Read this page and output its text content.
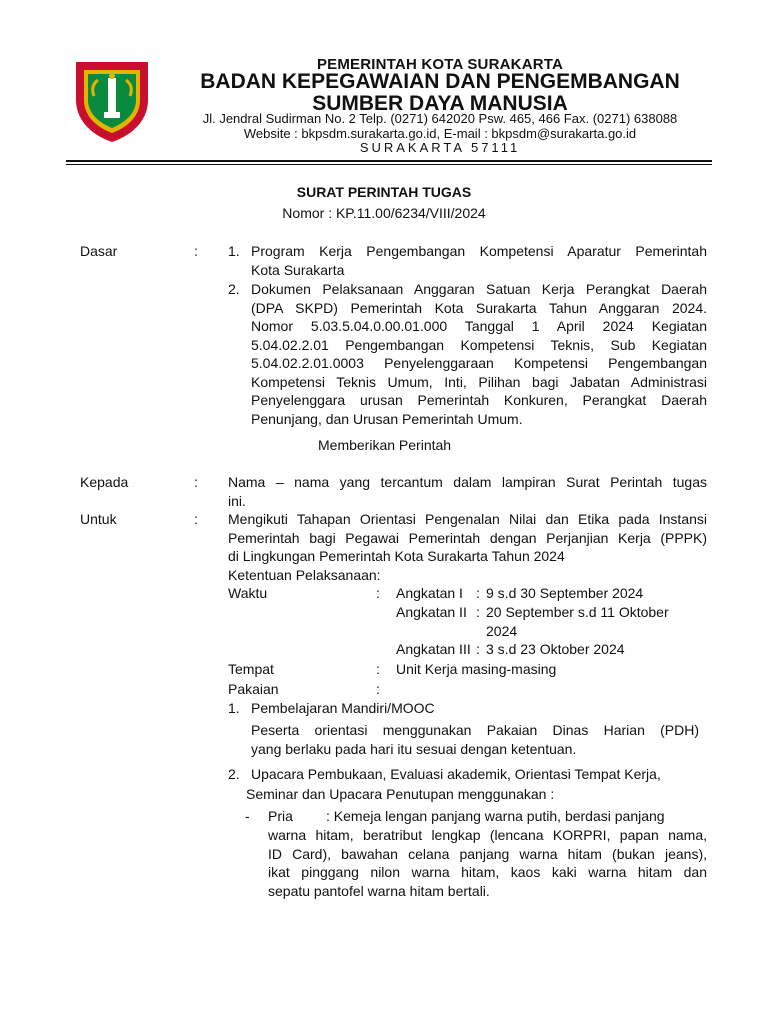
PEMERINTAH KOTA SURAKARTA
BADAN KEPEGAWAIAN DAN PENGEMBANGAN
SUMBER DAYA MANUSIA
Jl. Jendral Sudirman No. 2 Telp. (0271) 642020 Psw. 465, 466 Fax. (0271) 638088
Website : bkpsdm.surakarta.go.id, E-mail : bkpsdm@surakarta.go.id
SURAKARTA 57111
SURAT PERINTAH TUGAS
Nomor : KP.11.00/6234/VIII/2024
Dasar	: 1. Program Kerja Pengembangan Kompetensi Aparatur Pemerintah
Kota Surakarta
2. Dokumen Pelaksanaan Anggaran Satuan Kerja Perangkat Daerah
(DPA SKPD) Pemerintah Kota Surakarta Tahun Anggaran 2024.
Nomor 5.03.5.04.0.00.01.000 Tanggal 1 April 2024 Kegiatan
5.04.02.2.01 Pengembangan Kompetensi Teknis, Sub Kegiatan
5.04.02.2.01.0003 Penyelenggaraan Kompetensi Pengembangan
Kompetensi Teknis Umum, Inti, Pilihan bagi Jabatan Administrasi
Penyelenggara urusan Pemerintah Konkuren, Perangkat Daerah
Penunjang, dan Urusan Pemerintah Umum.
Memberikan Perintah
Kepada	: Nama – nama yang tercantum dalam lampiran Surat Perintah tugas
ini.
Untuk	: Mengikuti Tahapan Orientasi Pengenalan Nilai dan Etika pada Instansi
Pemerintah bagi Pegawai Pemerintah dengan Perjanjian Kerja (PPPK)
di Lingkungan Pemerintah Kota Surakarta Tahun 2024
Ketentuan Pelaksanaan:
Waktu	: Angkatan I : 9 s.d 30 September 2024
Angkatan II : 20 September s.d 11 Oktober
2024
Angkatan III : 3 s.d 23 Oktober 2024
Tempat	: Unit Kerja masing-masing
Pakaian	:
1. Pembelajaran Mandiri/MOOC
Peserta orientasi menggunakan Pakaian Dinas Harian (PDH)
yang berlaku pada hari itu sesuai dengan ketentuan.
2. Upacara Pembukaan, Evaluasi akademik, Orientasi Tempat Kerja,
Seminar dan Upacara Penutupan menggunakan :
- Pria : Kemeja lengan panjang warna putih, berdasi panjang
warna hitam, beratribut lengkap (lencana KORPRI, papan nama,
ID Card), bawahan celana panjang warna hitam (bukan jeans),
ikat pinggang nilon warna hitam, kaos kaki warna hitam dan
sepatu pantofel warna hitam bertali.
